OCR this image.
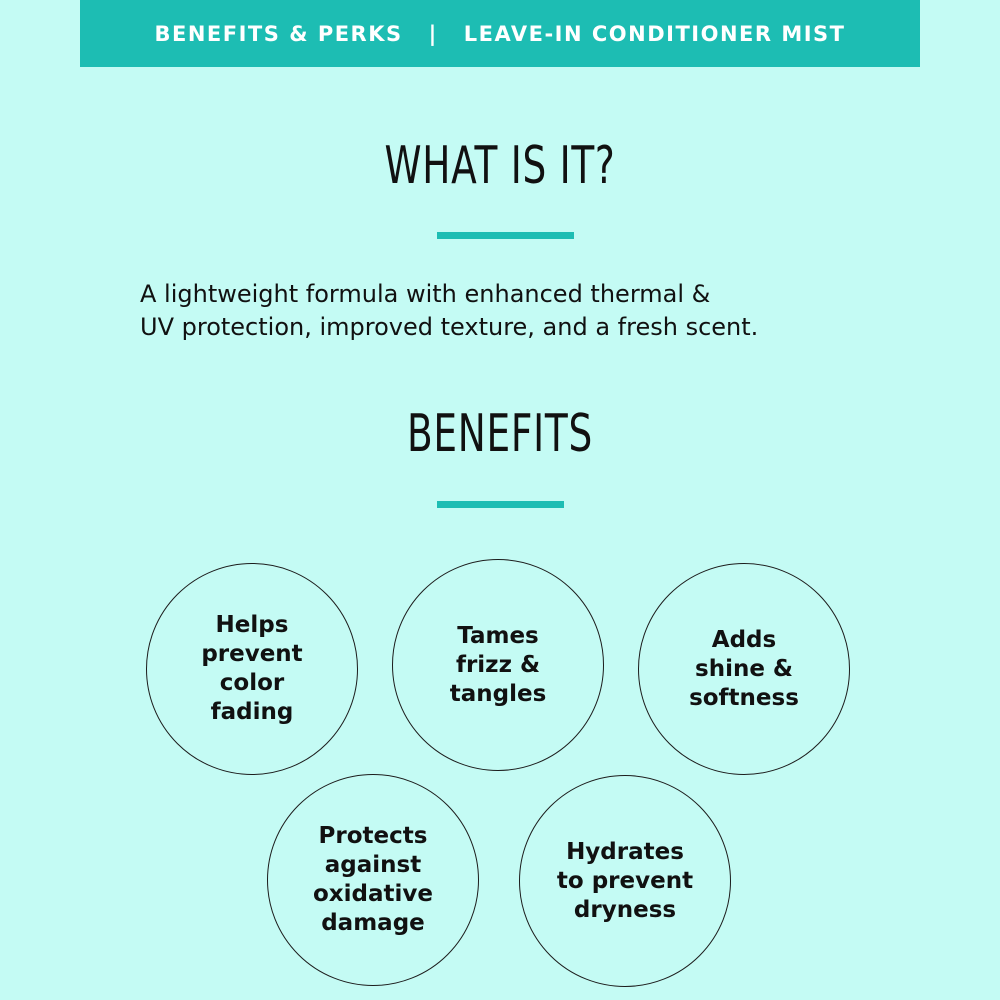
BENEFITS & PERKS | LEAVE-IN CONDITIONER MIST
WHAT IS IT?

A lightweight formula with enhanced thermal &
UV protection, improved texture, and a fresh scent.

BENEFITS
Helps
prevent
color
fading
Tames
frizz &
tangles
Adds
shine &
softness
Protects
against
oxidative
damage
Hydrates
to prevent
dryness
